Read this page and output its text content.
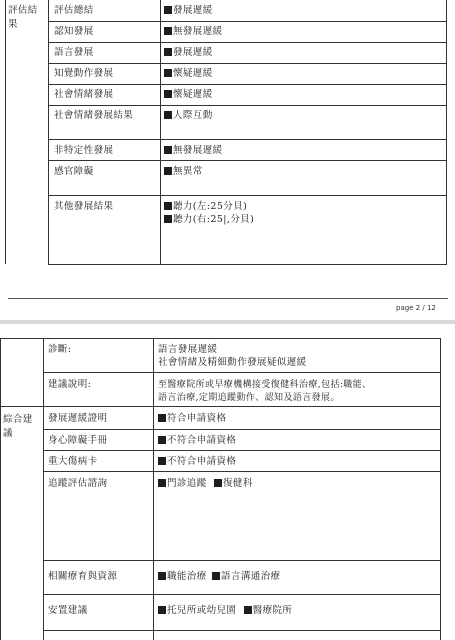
評估結果
評估總結	發展遲緩
認知發展	無發展遲緩
語言發展	發展遲緩
知覺動作發展	懷疑遲緩
社會情緒發展	懷疑遲緩
社會情緒發展結果	人際互動
非特定性發展	無發展遲緩
感官障礙	無異常
其他發展結果	聽力(左:25分貝)
聽力(右:25|,分貝)
page 2 / 12
綜合建議
診斷:	語言發展遲緩
社會情緒及精細動作發展疑似遲緩
建議說明:	至醫療院所或早療機構接受復健科治療,包括:職能、
語言治療,定期追蹤動作、認知及語言發展。
發展遲緩證明	符合申請資格
身心障礙手冊	不符合申請資格
重大傷病卡	不符合申請資格
追蹤評估諮詢	門診追蹤 復健科
相關療育與資源	職能治療 語言溝通治療
安置建議	托兒所或幼兒園 醫療院所
